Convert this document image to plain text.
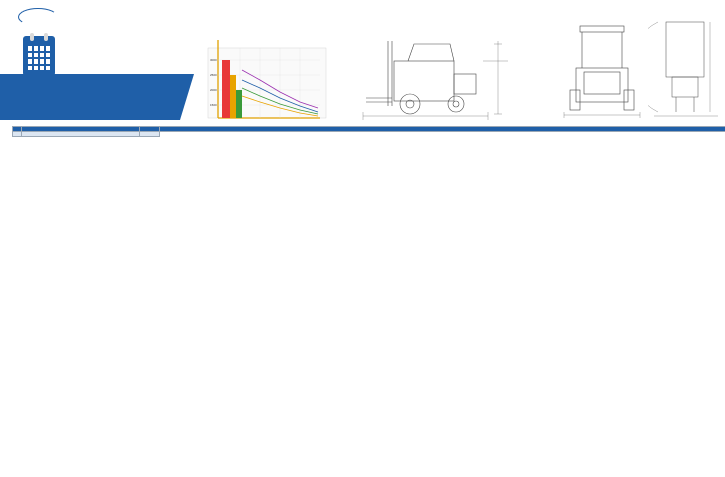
3000
2500
2000
1500
